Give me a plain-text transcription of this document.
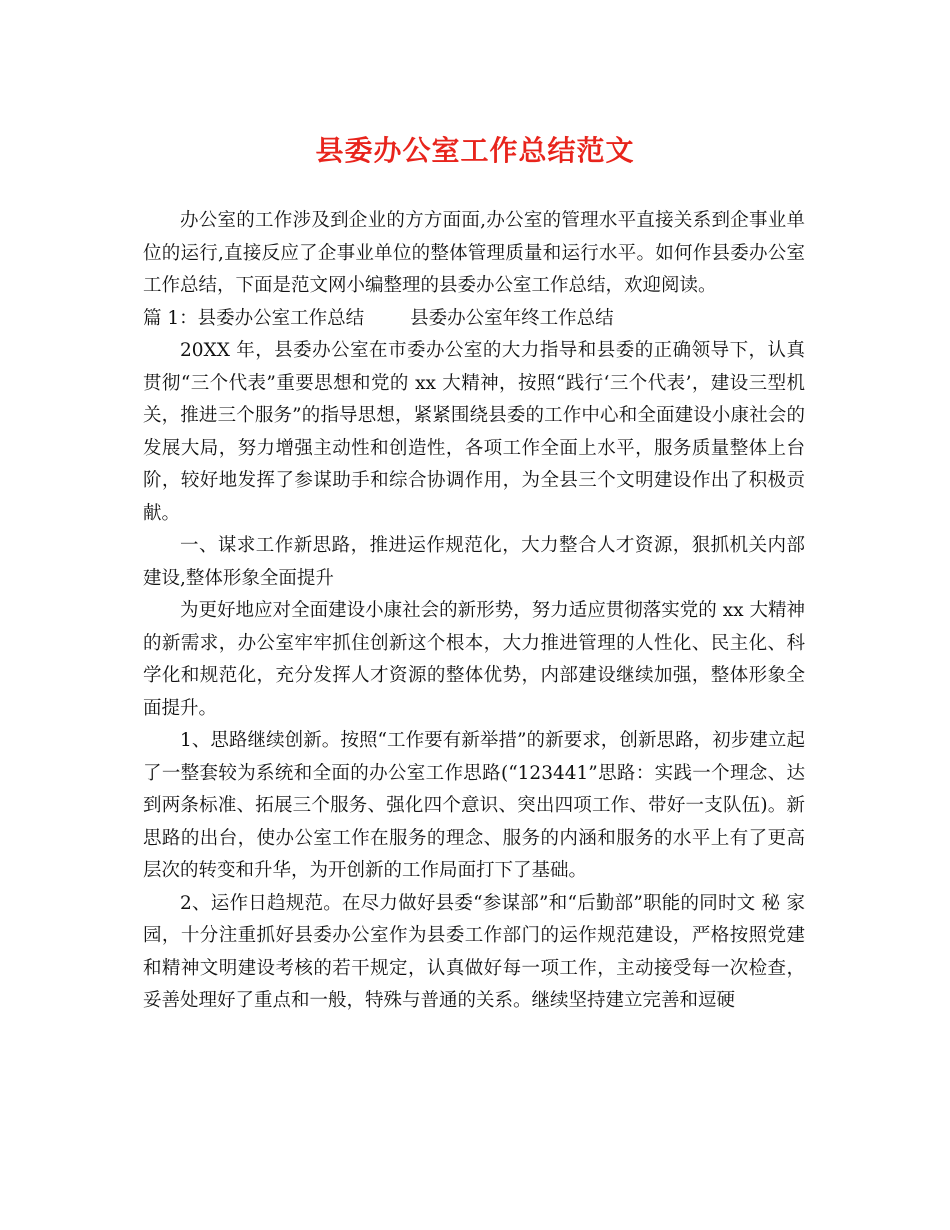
县委办公室工作总结范文

办公室的工作涉及到企业的方方面面,办公室的管理水平直接关系到企事业单位的运行,直接反应了企事业单位的整体管理质量和运行水平。如何作县委办公室工作总结，下面是范文网小编整理的县委办公室工作总结，欢迎阅读。

篇 1：县委办公室工作总结 县委办公室年终工作总结

20XX 年，县委办公室在市委办公室的大力指导和县委的正确领导下，认真贯彻“三个代表”重要思想和党的 xx 大精神，按照“践行‘三个代表’，建设三型机关，推进三个服务”的指导思想，紧紧围绕县委的工作中心和全面建设小康社会的发展大局，努力增强主动性和创造性，各项工作全面上水平，服务质量整体上台阶，较好地发挥了参谋助手和综合协调作用，为全县三个文明建设作出了积极贡献。

一、谋求工作新思路，推进运作规范化，大力整合人才资源，狠抓机关内部建设,整体形象全面提升

为更好地应对全面建设小康社会的新形势，努力适应贯彻落实党的 xx 大精神的新需求，办公室牢牢抓住创新这个根本，大力推进管理的人性化、民主化、科学化和规范化，充分发挥人才资源的整体优势，内部建设继续加强，整体形象全面提升。

1、思路继续创新。按照“工作要有新举措”的新要求，创新思路，初步建立起了一整套较为系统和全面的办公室工作思路(“123441”思路：实践一个理念、达到两条标准、拓展三个服务、强化四个意识、突出四项工作、带好一支队伍)。新思路的出台，使办公室工作在服务的理念、服务的内涵和服务的水平上有了更高层次的转变和升华，为开创新的工作局面打下了基础。

2、运作日趋规范。在尽力做好县委“参谋部”和“后勤部”职能的同时文 秘 家 园，十分注重抓好县委办公室作为县委工作部门的运作规范建设，严格按照党建和精神文明建设考核的若干规定，认真做好每一项工作，主动接受每一次检查，妥善处理好了重点和一般，特殊与普通的关系。继续坚持建立完善和逗硬
